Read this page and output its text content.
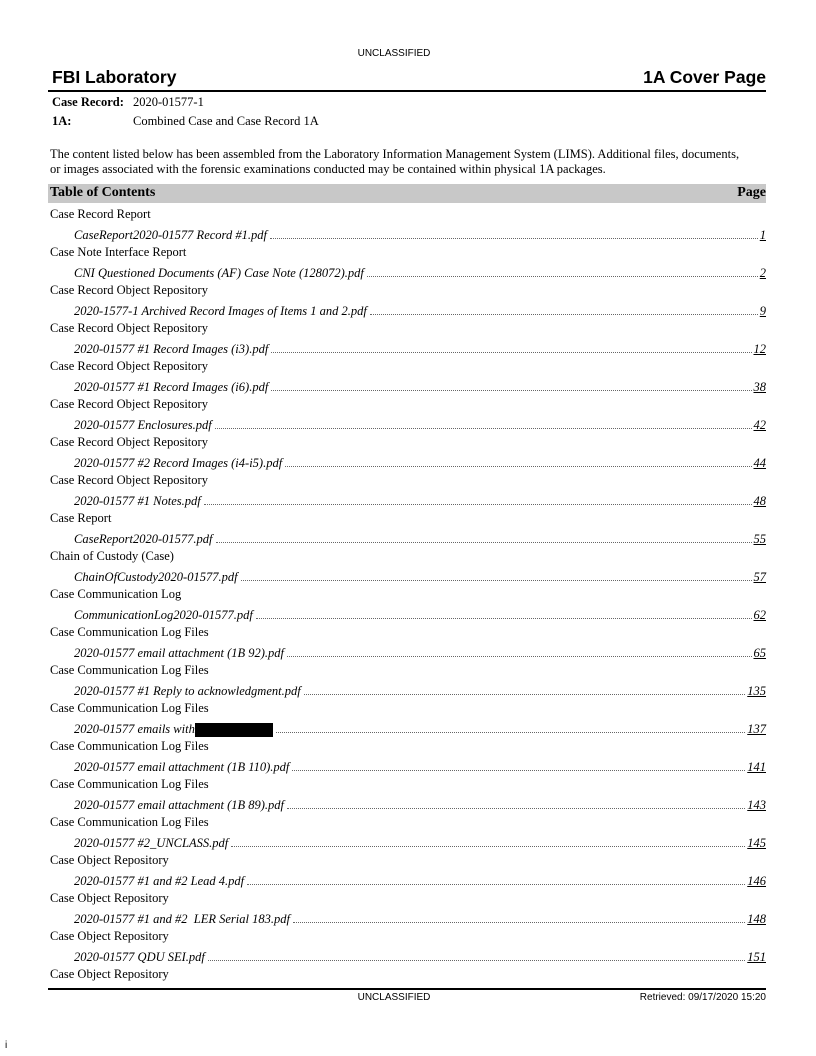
UNCLASSIFIED
FBI Laboratory	1A Cover Page
Case Record: 2020-01577-1
1A:	Combined Case and Case Record 1A
The content listed below has been assembled from the Laboratory Information Management System (LIMS). Additional files, documents, or images associated with the forensic examinations conducted may be contained within physical 1A packages.
Table of Contents	Page
Case Record Report
CaseReport2020-01577 Record #1.pdf	1
Case Note Interface Report
CNI Questioned Documents (AF) Case Note (128072).pdf	2
Case Record Object Repository
2020-1577-1 Archived Record Images of Items 1 and 2.pdf	9
Case Record Object Repository
2020-01577 #1 Record Images (i3).pdf	12
Case Record Object Repository
2020-01577 #1 Record Images (i6).pdf	38
Case Record Object Repository
2020-01577 Enclosures.pdf	42
Case Record Object Repository
2020-01577 #2 Record Images (i4-i5).pdf	44
Case Record Object Repository
2020-01577 #1 Notes.pdf	48
Case Report
CaseReport2020-01577.pdf	55
Chain of Custody (Case)
ChainOfCustody2020-01577.pdf	57
Case Communication Log
CommunicationLog2020-01577.pdf	62
Case Communication Log Files
2020-01577 email attachment (1B 92).pdf	65
Case Communication Log Files
2020-01577 #1 Reply to acknowledgment.pdf	135
Case Communication Log Files
2020-01577 emails with	137
Case Communication Log Files
2020-01577 email attachment (1B 110).pdf	141
Case Communication Log Files
2020-01577 email attachment (1B 89).pdf	143
Case Communication Log Files
2020-01577 #2_UNCLASS.pdf	145
Case Object Repository
2020-01577 #1 and #2 Lead 4.pdf	146
Case Object Repository
2020-01577 #1 and #2  LER Serial 183.pdf	148
Case Object Repository
2020-01577 QDU SEI.pdf	151
Case Object Repository
UNCLASSIFIED	Retrieved: 09/17/2020 15:20
i
